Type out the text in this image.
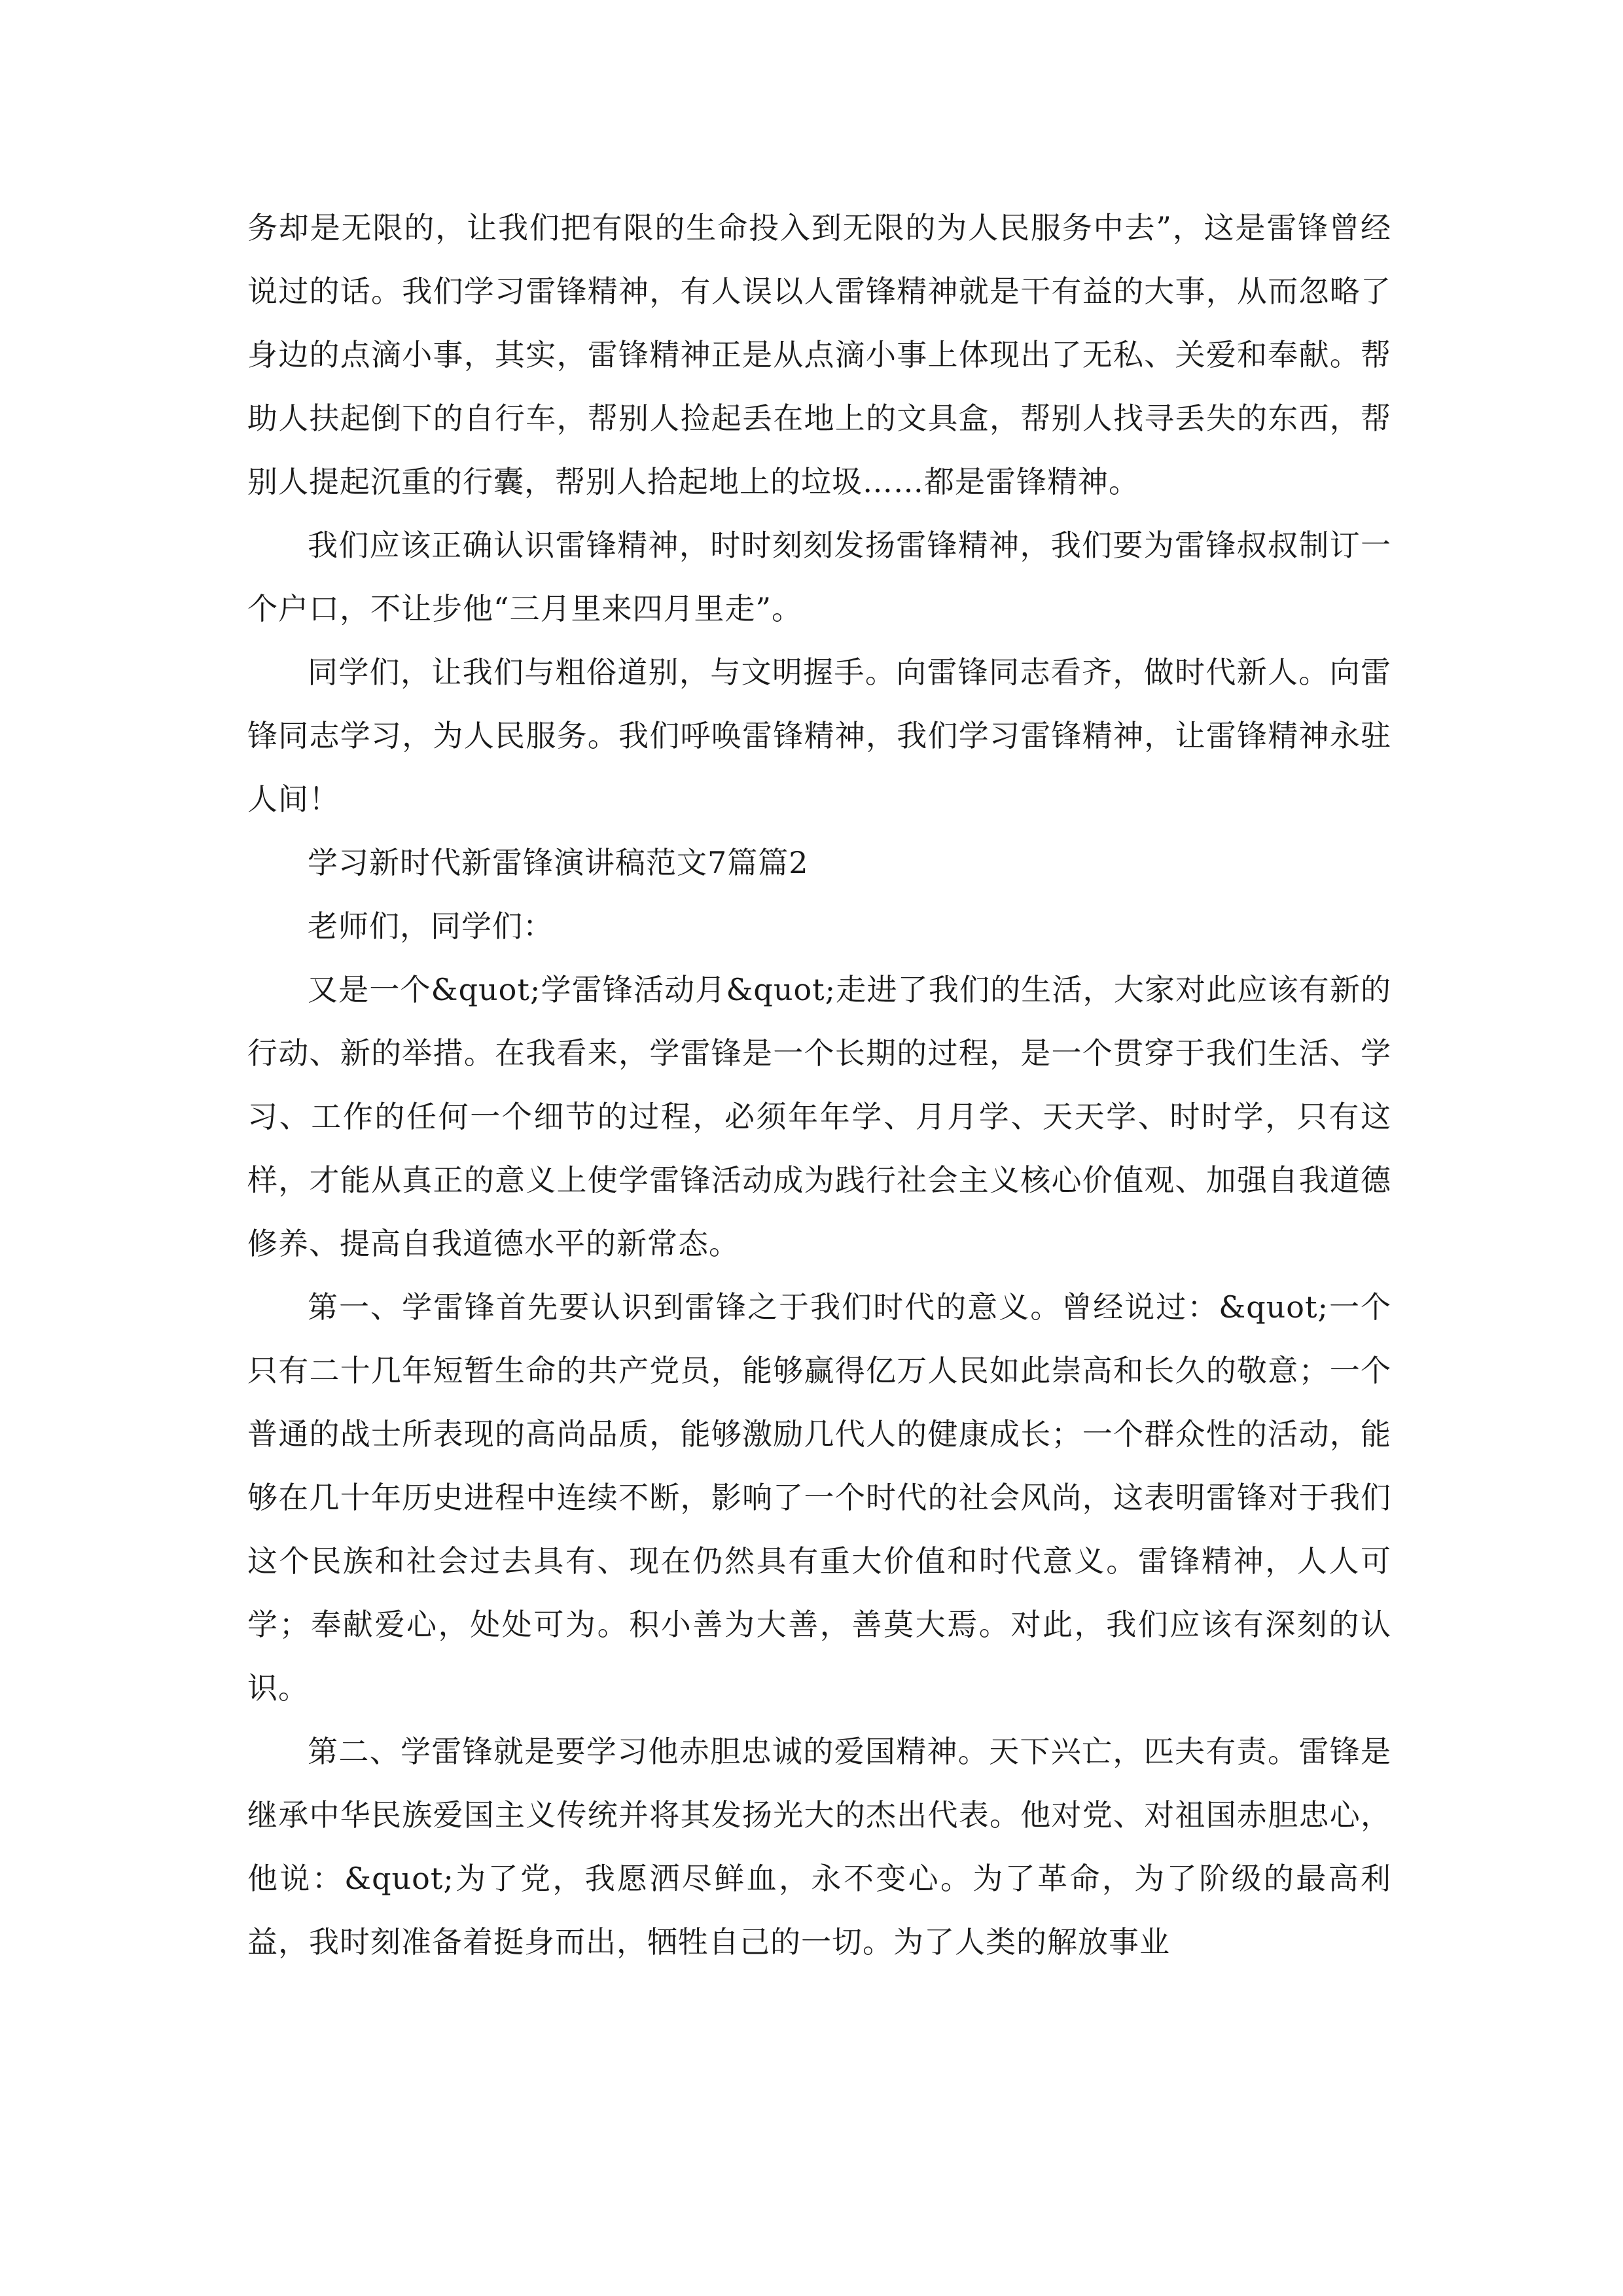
务却是无限的，让我们把有限的生命投入到无限的为人民服务中去”，这是雷锋曾经说过的话。我们学习雷锋精神，有人误以人雷锋精神就是干有益的大事，从而忽略了身边的点滴小事，其实，雷锋精神正是从点滴小事上体现出了无私、关爱和奉献。帮助人扶起倒下的自行车，帮别人捡起丢在地上的文具盒，帮别人找寻丢失的东西，帮别人提起沉重的行囊，帮别人拾起地上的垃圾……都是雷锋精神。

我们应该正确认识雷锋精神，时时刻刻发扬雷锋精神，我们要为雷锋叔叔制订一个户口，不让步他“三月里来四月里走”。

同学们，让我们与粗俗道别，与文明握手。向雷锋同志看齐，做时代新人。向雷锋同志学习，为人民服务。我们呼唤雷锋精神，我们学习雷锋精神，让雷锋精神永驻人间！

学习新时代新雷锋演讲稿范文7篇篇2

老师们，同学们：

又是一个&quot;学雷锋活动月&quot;走进了我们的生活，大家对此应该有新的行动、新的举措。在我看来，学雷锋是一个长期的过程，是一个贯穿于我们生活、学习、工作的任何一个细节的过程，必须年年学、月月学、天天学、时时学，只有这样，才能从真正的意义上使学雷锋活动成为践行社会主义核心价值观、加强自我道德修养、提高自我道德水平的新常态。

第一、学雷锋首先要认识到雷锋之于我们时代的意义。曾经说过：&quot;一个只有二十几年短暂生命的共产党员，能够赢得亿万人民如此崇高和长久的敬意；一个普通的战士所表现的高尚品质，能够激励几代人的健康成长；一个群众性的活动，能够在几十年历史进程中连续不断，影响了一个时代的社会风尚，这表明雷锋对于我们这个民族和社会过去具有、现在仍然具有重大价值和时代意义。雷锋精神，人人可学；奉献爱心，处处可为。积小善为大善，善莫大焉。对此，我们应该有深刻的认识。

第二、学雷锋就是要学习他赤胆忠诚的爱国精神。天下兴亡，匹夫有责。雷锋是继承中华民族爱国主义传统并将其发扬光大的杰出代表。他对党、对祖国赤胆忠心，他说：&quot;为了党，我愿洒尽鲜血，永不变心。为了革命，为了阶级的最高利益，我时刻准备着挺身而出，牺牲自己的一切。为了人类的解放事业
